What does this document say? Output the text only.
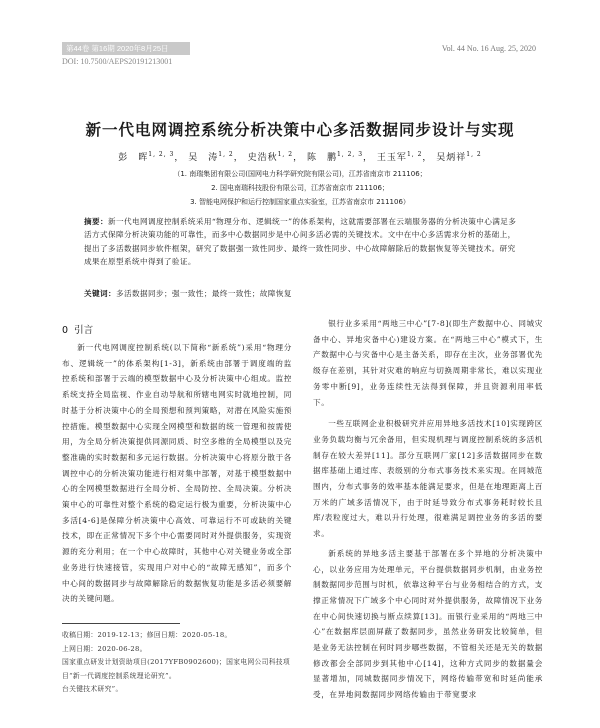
第44卷 第16期 2020年8月25日	Vol. 44 No. 16 Aug. 25, 2020
DOI: 10.7500/AEPS20191213001
新一代电网调控系统分析决策中心多活数据同步设计与实现
彭　晖$^{1, 2, 3}$， 吴　涛$^{1, 2}$， 史浩秋$^{1, 2}$， 陈　鹏$^{1, 2, 3}$， 王玉军$^{1, 2}$， 吴炳祥$^{1, 2}$
（1. 南瑞集团有限公司(国网电力科学研究院有限公司)，江苏省南京市 211106；
2. 国电南瑞科技股份有限公司，江苏省南京市 211106；
3. 智能电网保护和运行控制国家重点实验室，江苏省南京市 211106）
摘要：新一代电网调度控制系统采用“物理分布、逻辑统一”的体系架构，这就需要部署在云端服务器的分析决策中心满足多活方式保障分析决策功能的可靠性，而多中心数据同步是中心间多活必需的关键技术。文中在中心多活需求分析的基础上，提出了多活数据同步软件框架，研究了数据强一致性同步、最终一致性同步、中心故障解除后的数据恢复等关键技术。研究成果在原型系统中得到了验证。
关键词：多活数据同步；强一致性；最终一致性；故障恢复
0 引言

新一代电网调度控制系统(以下简称“新系统”)采用“物理分布、逻辑统一”的体系架构[1-3]，新系统由部署于调度端的监控系统和部署于云端的模型数据中心及分析决策中心组成。监控系统支持全局监视、作业自动导航和所辖电网实时就地控制，同时基于分析决策中心的全局预想和预判策略，对潜在风险实施预控措施。模型数据中心实现全网模型和数据的统一管理和按需使用，为全局分析决策提供同源同质、时空多维的全局模型以及完整准确的实时数据和多元运行数据。分析决策中心将原分散于各调控中心的分析决策功能进行相对集中部署，对基于模型数据中心的全网模型数据进行全局分析、全局防控、全局决策。分析决策中心的可靠性对整个系统的稳定运行极为重要，分析决策中心多活[4-6]是保障分析决策中心高效、可靠运行不可或缺的关键技术，即在正常情况下多个中心需要同时对外提供服务，实现资源的充分利用；在一个中心故障时，其他中心对关键业务或全部业务进行快速接管，实现用户对中心的“故障无感知”，而多个中心间的数据同步与故障解除后的数据恢复功能是多活必须要解决的关键问题。

银行业多采用“两地三中心”[7-8](即生产数据中心、同城灾备中心、异地灾备中心)建设方案。在“两地三中心”模式下，生产数据中心与灾备中心是主备关系，即存在主次，业务部署优先级存在差别，其针对灾难的响应与切换周期非常长，难以实现业务零中断[9]，业务连续性无法得到保障，并且资源利用率低下。

一些互联网企业积极研究并应用异地多活技术[10]实现跨区业务负载均衡与冗余备用，但实现机理与调度控制系统的多活机制存在较大差异[11]。部分互联网厂家[12]多活数据同步在数据库基础上通过库、表级别的分布式事务技术来实现。在同城范围内，分布式事务的效率基本能满足要求，但是在地理距离上百万米的广域多活情况下，由于时延导致分布式事务耗时较长且库/表粒度过大，难以升行处理，很难满足调控业务的多活的要求。

新系统的异地多活主要基于部署在多个异地的分析决策中心，以业务应用为处理单元，平台提供数据同步机制，由业务控制数据同步范围与时机，依靠这种平台与业务相结合的方式，支撑正常情况下广域多个中心同时对外提供服务，故障情况下业务在中心间快速切换与断点续算[13]。而银行业采用的“两地三中心”在数据库层面屏蔽了数据同步，虽然业务研发比较简单，但是业务无法控制在何时同步哪些数据，不管相关还是无关的数据修改都会全部同步到其他中心[14]，这种方式同步的数据量会显著增加，同城数据同步情况下，网络传输带宽和时延尚能承受，在异地间数据同步网络传输由于带宽要求

收稿日期：2019-12-13；修回日期：2020-05-18。
上网日期：2020-06-28。
国家重点研发计划资助项目(2017YFB0902600)；国家电网公司科技项目“新一代调度控制系统理论研究”。
台关键技术研究”。
